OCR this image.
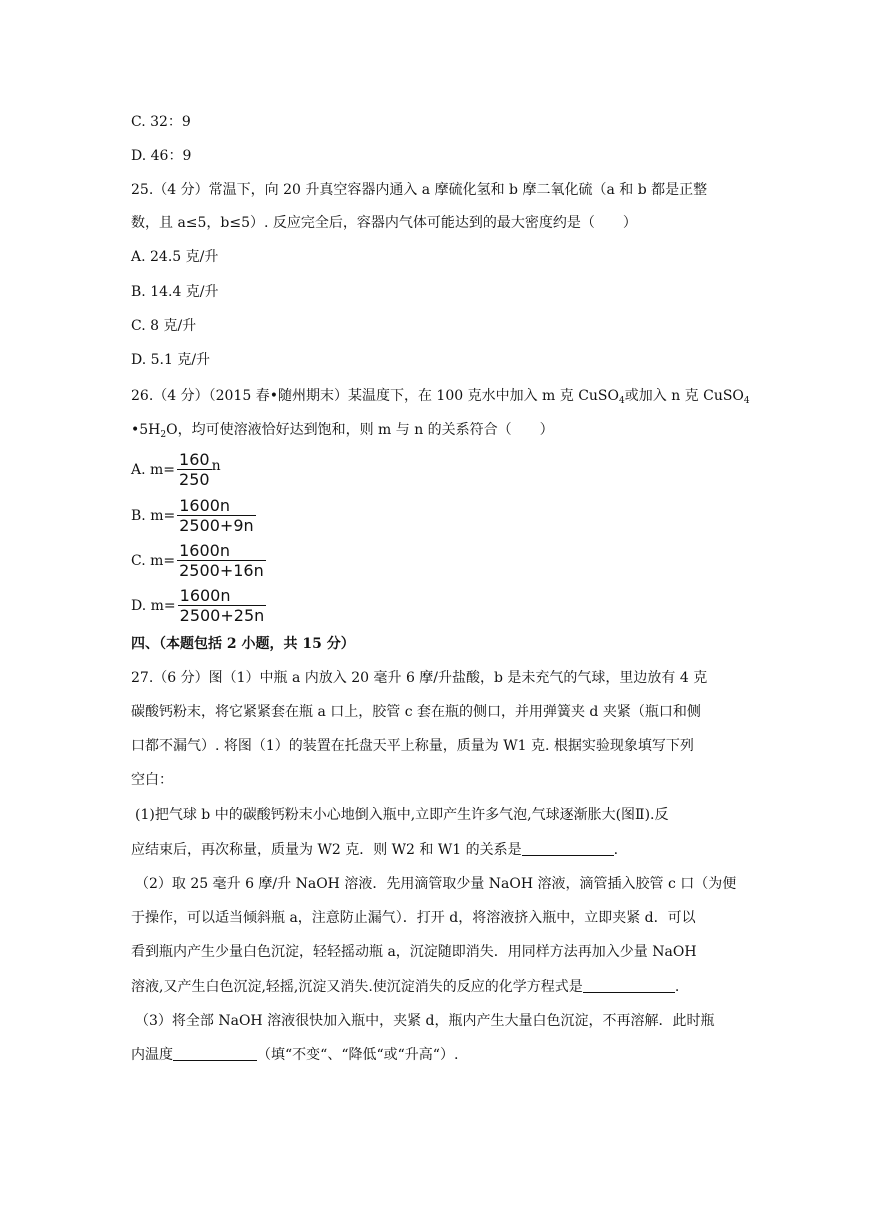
C. 32：9
D. 46：9
25.（4 分）常温下，向 20 升真空容器内通入 a 摩硫化氢和 b 摩二氧化硫（a 和 b 都是正整
数，且 a≤5，b≤5）. 反应完全后，容器内气体可能达到的最大密度约是（　　）
A. 24.5 克/升
B. 14.4 克/升
C. 8 克/升
D. 5.1 克/升
26.（4 分）（2015 春•随州期末）某温度下，在 100 克水中加入 m 克 CuSO$_4$或加入 n 克 CuSO$_4$
$•5H_2O$，均可使溶液恰好达到饱和，则 m 与 n 的关系符合（　　）
A. $m= \frac{160}{250}$ n
B. $m= \frac{1600n}{2500+9n}$
C. $m= \frac{1600n}{2500+16n}$
D. $m= \frac{1600n}{2500+25n}$
四、（本题包括 2 小题，共 15 分）
27.（6 分）图（1）中瓶 a 内放入 20 毫升 6 摩/升盐酸，b 是未充气的气球，里边放有 4 克
碳酸钙粉末，将它紧紧套在瓶 a 口上，胶管 c 套在瓶的侧口，并用弹簧夹 d 夹紧（瓶口和侧
口都不漏气）. 将图（1）的装置在托盘天平上称量，质量为 W1 克. 根据实验现象填写下列
空白：
(1)把气球 b 中的碳酸钙粉末小心地倒入瓶中,立即产生许多气泡,气球逐渐胀大(图Ⅱ).反
应结束后，再次称量，质量为 W2 克．则 W2 和 W1 的关系是	.
（2）取 25 毫升 6 摩/升 NaOH 溶液．先用滴管取少量 NaOH 溶液，滴管插入胶管 c 口（为便
于操作，可以适当倾斜瓶 a，注意防止漏气）．打开 d，将溶液挤入瓶中，立即夹紧 d．可以
看到瓶内产生少量白色沉淀，轻轻摇动瓶 a，沉淀随即消失．用同样方法再加入少量 NaOH
溶液,又产生白色沉淀,轻摇,沉淀又消失.使沉淀消失的反应的化学方程式是	.
（3）将全部 NaOH 溶液很快加入瓶中，夹紧 d，瓶内产生大量白色沉淀，不再溶解．此时瓶
内温度	（填“不变“、“降低“或“升高“）.
